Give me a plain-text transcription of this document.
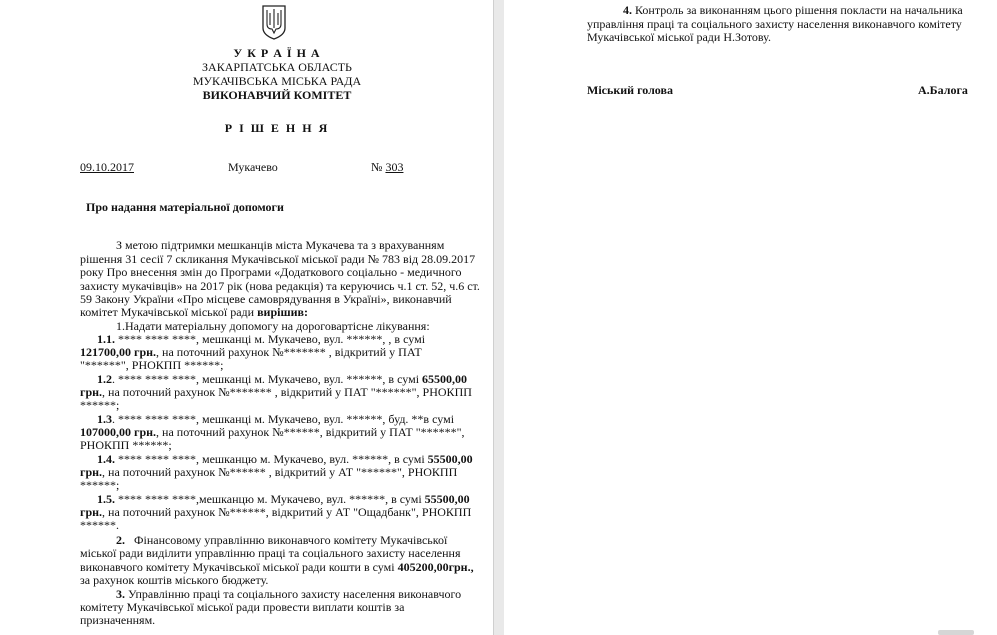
У К Р А Ї Н А
ЗАКАРПАТСЬКА ОБЛАСТЬ
МУКАЧІВСЬКА МІСЬКА РАДА
ВИКОНАВЧИЙ КОМІТЕТ
Р І Ш Е Н Н Я
09.10.2017	Мукачево	№ 303
Про надання матеріальної допомоги
З метою підтримки мешканців міста Мукачева та з врахуванням
рішення 31 сесії 7 скликання Мукачівської міської ради № 783 від 28.09.2017
року Про внесення змін до Програми «Додаткового соціально - медичного
захисту мукачівців» на 2017 рік (нова редакція) та керуючись ч.1 ст. 52, ч.6 ст.
59 Закону України «Про місцеве самоврядування в Україні», виконавчий
комітет Мукачівської міської ради вирішив:
1.Надати матеріальну допомогу на дороговартісне лікування:
1.1. **** **** ****, мешканці м. Мукачево, вул. ******, , в сумі
121700,00 грн., на поточний рахунок №******* , відкритий у ПАТ
"******", РНОКПП ******;
1.2. **** **** ****, мешканці м. Мукачево, вул. ******, в сумі 65500,00
грн., на поточний рахунок №******* , відкритий у ПАТ "******", РНОКПП
******;
1.3. **** **** ****, мешканці м. Мукачево, вул. ******, буд. **в сумі
107000,00 грн., на поточний рахунок №******, відкритий у ПАТ "******",
РНОКПП ******;
1.4. **** **** ****, мешканцю м. Мукачево, вул. ******, в сумі 55500,00
грн., на поточний рахунок №****** , відкритий у АТ "******", РНОКПП
******;
1.5. **** **** ****,мешканцю м. Мукачево, вул. ******, в сумі 55500,00
грн., на поточний рахунок №******, відкритий у АТ "Ощадбанк", РНОКПП
******.
2. Фінансовому управлінню виконавчого комітету Мукачівської
міської ради виділити управлінню праці та соціального захисту населення
виконавчого комітету Мукачівської міської ради кошти в сумі 405200,00грн.,
за рахунок коштів міського бюджету.
3. Управлінню праці та соціального захисту населення виконавчого
комітету Мукачівської міської ради провести виплати коштів за
призначенням.
4. Контроль за виконанням цього рішення покласти на начальника
управління праці та соціального захисту населення виконавчого комітету
Мукачівської міської ради Н.Зотову.
Міський голова	А.Балога
